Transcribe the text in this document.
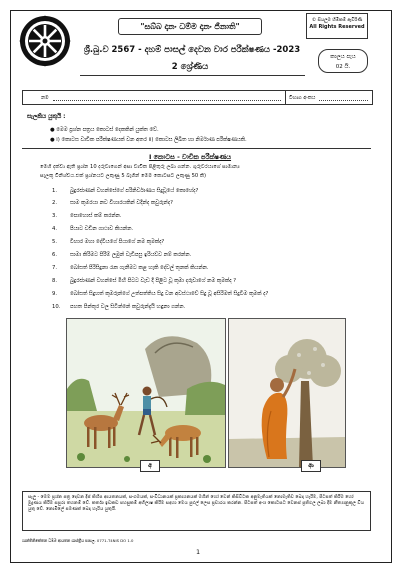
"සබ්බ දානං ධම්ම දානං ජිනාති"
© සියලුම හිමිකම් ඇවිරිණි
All Rights Reserved
ශ්‍රී.බු.ව 2567 - දහම් පාසල් දෙවන වාර පරීක්ෂණය -2023
කාලය පැය
02 යි.
2 ශ්‍රේණිය
නම	විභාග අංකය
සැලකිය යුතුයි :
● මෙම ප්‍රශ්න පත්‍රය කොටස් දෙකකින් යුක්ත වේ.
● i) කොටස වාචික පරීක්ෂණයක් වන අතර ii) කොටස ලිඛිත හා නිර්මාණ පරීක්ෂණයකි.
I කොටස - වාචික පරීක්ෂණය
මෙහි දක්වා ඇති ප්‍රශ්න 10 දරුවාගෙන් අසා වාචික පිළිතුරු ලබා ගන්න. ගුරුවරයාගේ සාමාන්‍ය
සැලකූ විනිශ්චය.එක් ප්‍රශ්නයට ලකුණු 5 බැගින් මෙම කොටසට ලකුණු 50 කි)
1.	බුදුරජාණන් වහන්සේගේ පරිනිර්වාණය සිදුවූයේ කොහේද?
2.	සාම කුමරයා නව විහාරයකින් වදින්ද කවුරුන්ද?
3.	පොහොස් කම් කරන්න.
4.	පියාට වඩින ගාථාව කියන්න.
5.	විහාර මහා දේවියගේ පියාගේ නම කුමක්ද?
6.	සාමා කිරිමට පිරිම් ලමුන් වැඩිපසු ඉරියව්ව නම් කරන්න.
7.	බෝසත් පිරිසිදුනා රැක ගැනීමට කළ හැකි දේවල් තුනක් කියන්න.
8.	බුදුරජාණන් වහන්සේ මිහි පිටට වැඩ දී පිළිට වූ කුමා දරුවාගේ නම කුමක්ද ?
9.	බෝසත් සිදුහත් කුමරුන්ගේ උත්පත්තිය සිදු වන අවස්ථාවේ සිදු වූ අසිරිමත් සිදුවීම කුමක් ද?
10.	පහත පින්තූර වල සිටින්නේ කවුරුන්දැයි හඳුනා ගන්න.
අ	ආ
සැලු - මෙම ප්‍රශ්න පත්‍ර දෙවන දීප් කිහිප ආයතනයක්, සංගමයක්, සංවිධානයක් ප්‍රකාශනයක් මගින් හෝ වෙන් කිසිවිටක අනුමැතියක් නොමැතිව බෙදා හැරීම, පිටපත් කිරීම හෝ මුද්‍රණය කිරීම සපුරා තහනම් වේ. කර්තෘ ඉඩකඩ පහසුකම් අභිලාෂ කිරීම සඳහා මෙය පුළුල් ලෙස ප්‍රචාරය කරන්න. පිටපත් අංශ කොටසට වෙනස් ප්‍රතිඵල ලබා දීම නීත්‍යානුකූල විය යුතු වේ. නොමිලේ පමණක් බෙදා හැරිය යුතුයි.
ශාන්තිනිකේතන ධම්ම ආයතන ශාස්ත්‍රීය පාසල. 0771-T4NIS DO 1.0
1
